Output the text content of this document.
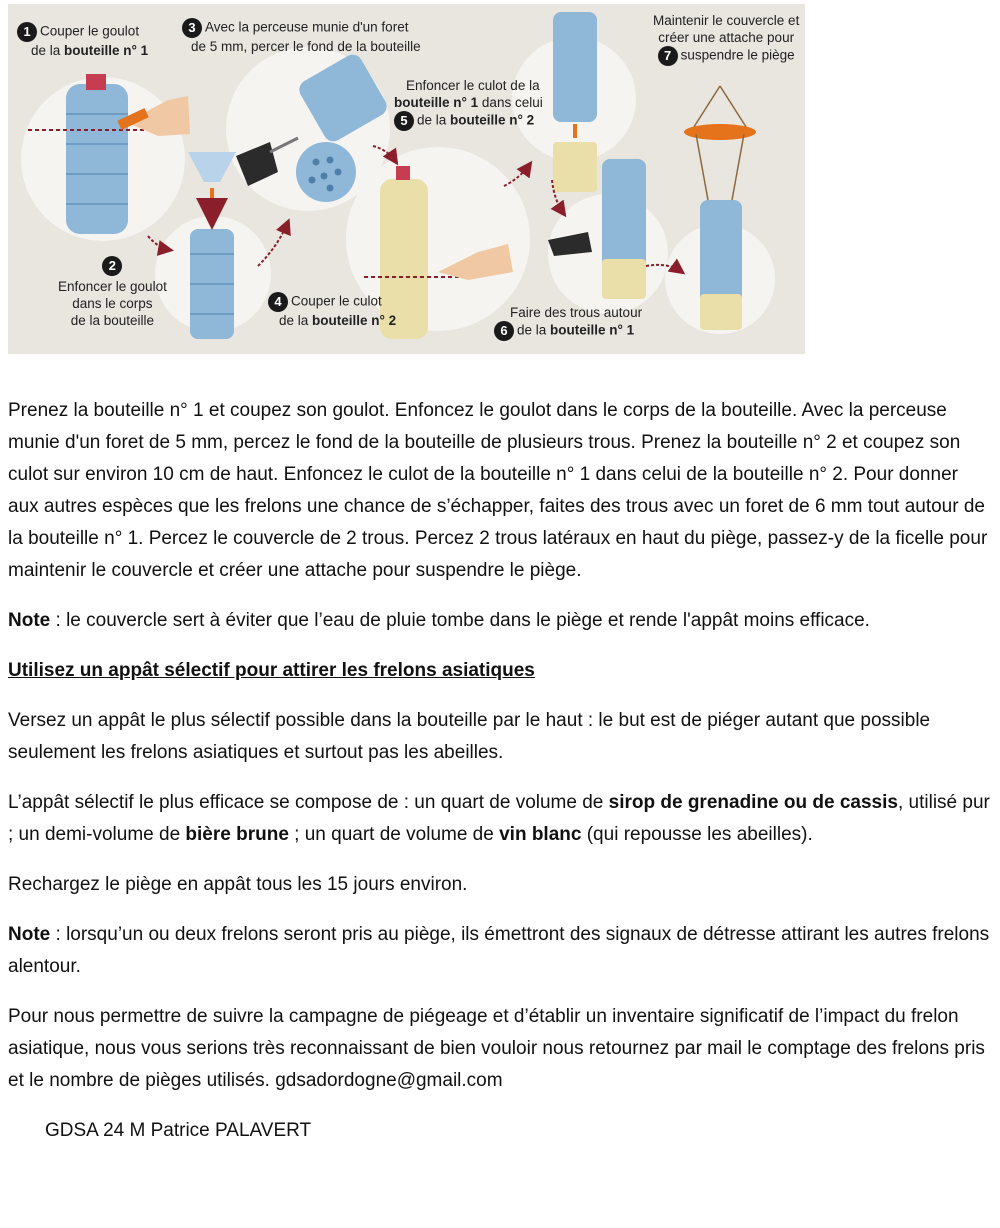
1 Couper le goulot
de la bouteille n° 1
3 Avec la perceuse munie d'un foret
de 5 mm, percer le fond de la bouteille
Maintenir le couvercle et
créer une attache pour
7 suspendre le piège
Enfoncer le culot de la
bouteille n° 1 dans celui
5 de la bouteille n° 2
2
Enfoncer le goulot
dans le corps
de la bouteille
4 Couper le culot
de la bouteille n° 2
Faire des trous autour
6 de la bouteille n° 1

Prenez la bouteille n° 1 et coupez son goulot. Enfoncez le goulot dans le corps de la bouteille. Avec la perceuse munie d'un foret de 5 mm, percez le fond de la bouteille de plusieurs trous. Prenez la bouteille n° 2 et coupez son culot sur environ 10 cm de haut. Enfoncez le culot de la bouteille n° 1 dans celui de la bouteille n° 2. Pour donner aux autres espèces que les frelons une chance de s’échapper, faites des trous avec un foret de 6 mm tout autour de la bouteille n° 1. Percez le couvercle de 2 trous. Percez 2 trous latéraux en haut du piège, passez-y de la ficelle pour maintenir le couvercle et créer une attache pour suspendre le piège.

Note : le couvercle sert à éviter que l’eau de pluie tombe dans le piège et rende l'appât moins efficace.

Utilisez un appât sélectif pour attirer les frelons asiatiques

Versez un appât le plus sélectif possible dans la bouteille par le haut : le but est de piéger autant que possible seulement les frelons asiatiques et surtout pas les abeilles.

L’appât sélectif le plus efficace se compose de : un quart de volume de sirop de grenadine ou de cassis, utilisé pur ; un demi-volume de bière brune ; un quart de volume de vin blanc (qui repousse les abeilles).

Rechargez le piège en appât tous les 15 jours environ.

Note : lorsqu’un ou deux frelons seront pris au piège, ils émettront des signaux de détresse attirant les autres frelons alentour.

Pour nous permettre de suivre la campagne de piégeage et d’établir un inventaire significatif de l’impact du frelon asiatique, nous vous serions très reconnaissant de bien vouloir nous retournez par mail le comptage des frelons pris et le nombre de pièges utilisés. gdsadordogne@gmail.com

GDSA 24 M Patrice PALAVERT
